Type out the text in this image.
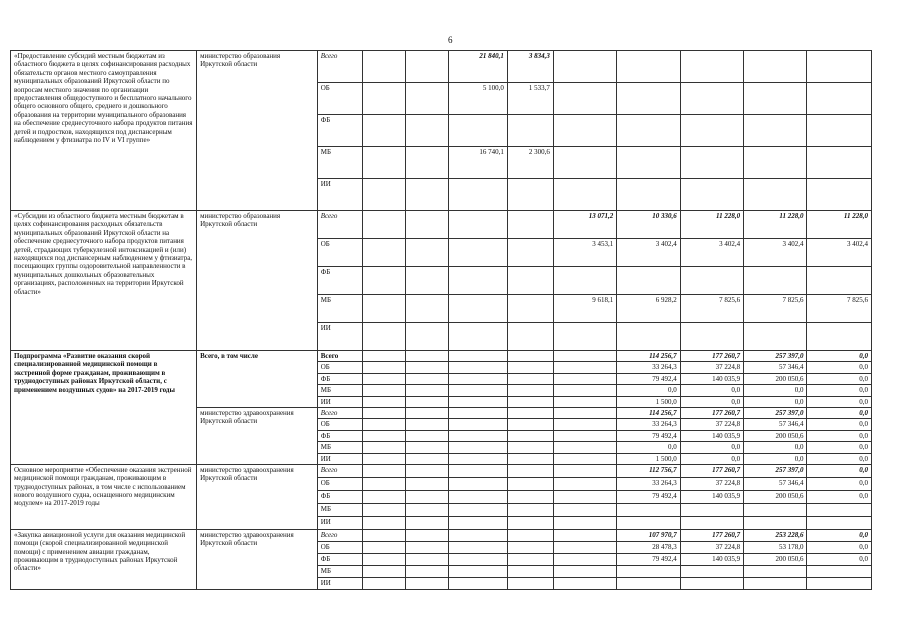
6
«Предоставление субсидий местным бюджетам из областного бюджета в целях софинансирования расходных обязательств органов местного самоуправления муниципальных образований Иркутской области по вопросам местного значения по организации предоставления общедоступного и бесплатного начального общего основного общего, среднего и дошкольного образования на территории муниципального образования на обеспечение среднесуточного набора продуктов питания детей и подростков, находящихся под диспансерным наблюдением у фтизиатра по IV и VI группе»	министерство образования Иркутской области	Всего			21 840,1	3 834,3					
		ОБ			5 100,0	1 533,7					
		ФБ									
		МБ			16 740,1	2 300,6					
		ИИ									
«Субсидии из областного бюджета местным бюджетам в целях софинансирования расходных обязательств муниципальных образований Иркутской области на обеспечение среднесуточного набора продуктов питания детей, страдающих туберкулезной интоксикацией и (или) находящихся под диспансерным наблюдением у фтизиатра, посещающих группы оздоровительной направленности в муниципальных дошкольных образовательных организациях, расположенных на территории Иркутской области»	министерство образования Иркутской области	Всего					13 071,2	10 330,6	11 228,0	11 228,0	11 228,0
		ОБ					3 453,1	3 402,4	3 402,4	3 402,4	3 402,4
		ФБ									
		МБ					9 618,1	6 928,2	7 825,6	7 825,6	7 825,6
		ИИ									
Подпрограмма «Развитие оказания скорой специализированной медицинской помощи в экстренной форме гражданам, проживающим в труднодоступных районах Иркутской области, с применением воздушных судов» на 2017-2019 годы	Всего, в том числе	Всего						114 256,7	177 260,7	257 397,0	0,0
		ОБ						33 264,3	37 224,8	57 346,4	0,0
		ФБ						79 492,4	140 035,9	200 050,6	0,0
		МБ						0,0	0,0	0,0	0,0
		ИИ						1 500,0	0,0	0,0	0,0
	министерство здравоохранения Иркутской области	Всего						114 256,7	177 260,7	257 397,0	0,0
		ОБ						33 264,3	37 224,8	57 346,4	0,0
		ФБ						79 492,4	140 035,9	200 050,6	0,0
		МБ						0,0	0,0	0,0	0,0
		ИИ						1 500,0	0,0	0,0	0,0
Основное мероприятие «Обеспечение оказания экстренной медицинской помощи гражданам, проживающим в труднодоступных районах, в том числе с использованием нового воздушного судна, оснащенного медицинским модулем» на 2017-2019 годы	министерство здравоохранения Иркутской области	Всего						112 756,7	177 260,7	257 397,0	0,0
		ОБ						33 264,3	37 224,8	57 346,4	0,0
		ФБ						79 492,4	140 035,9	200 050,6	0,0
		МБ									
		ИИ									
«Закупка авиационной услуги для оказания медицинской помощи (скорой специализированной медицинской помощи) с применением авиации гражданам, проживающим в труднодоступных районах Иркутской области»	министерство здравоохранения Иркутской области	Всего						107 970,7	177 260,7	253 228,6	0,0
		ОБ						28 478,3	37 224,8	53 178,0	0,0
		ФБ						79 492,4	140 035,9	200 050,6	0,0
		МБ									
		ИИ									
